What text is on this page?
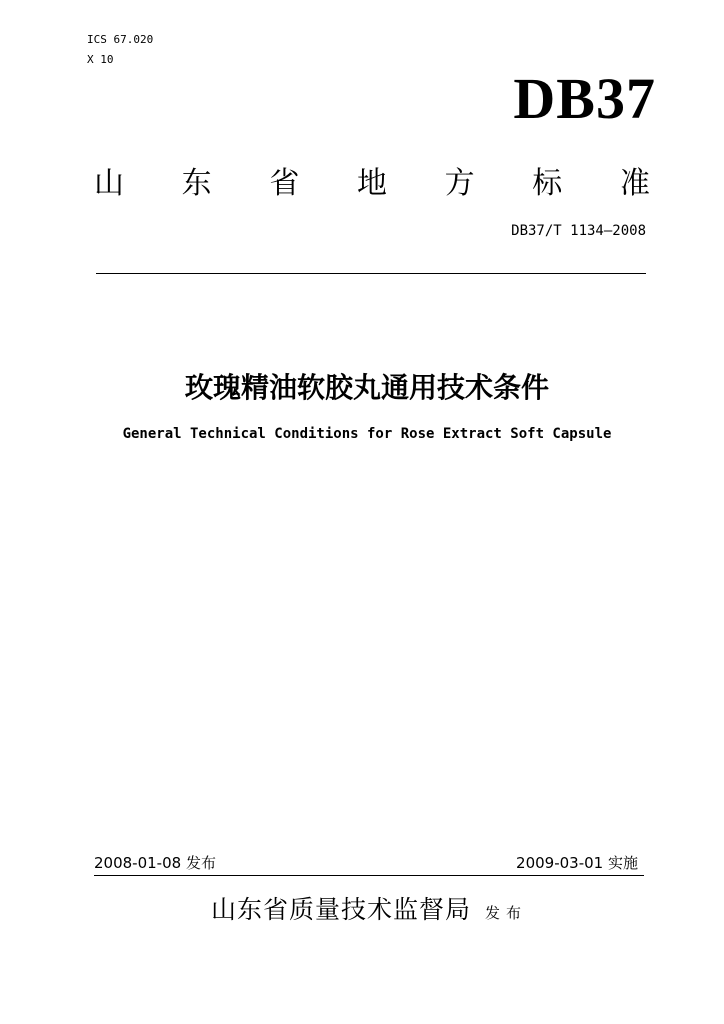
ICS 67.020
X 10
DB37
山 东 省 地 方 标 准
DB37/T 1134—2008
玫瑰精油软胶丸通用技术条件
General Technical Conditions for Rose Extract Soft Capsule
2008-01-08 发布	2009-03-01 实施
山东省质量技术监督局 发布
